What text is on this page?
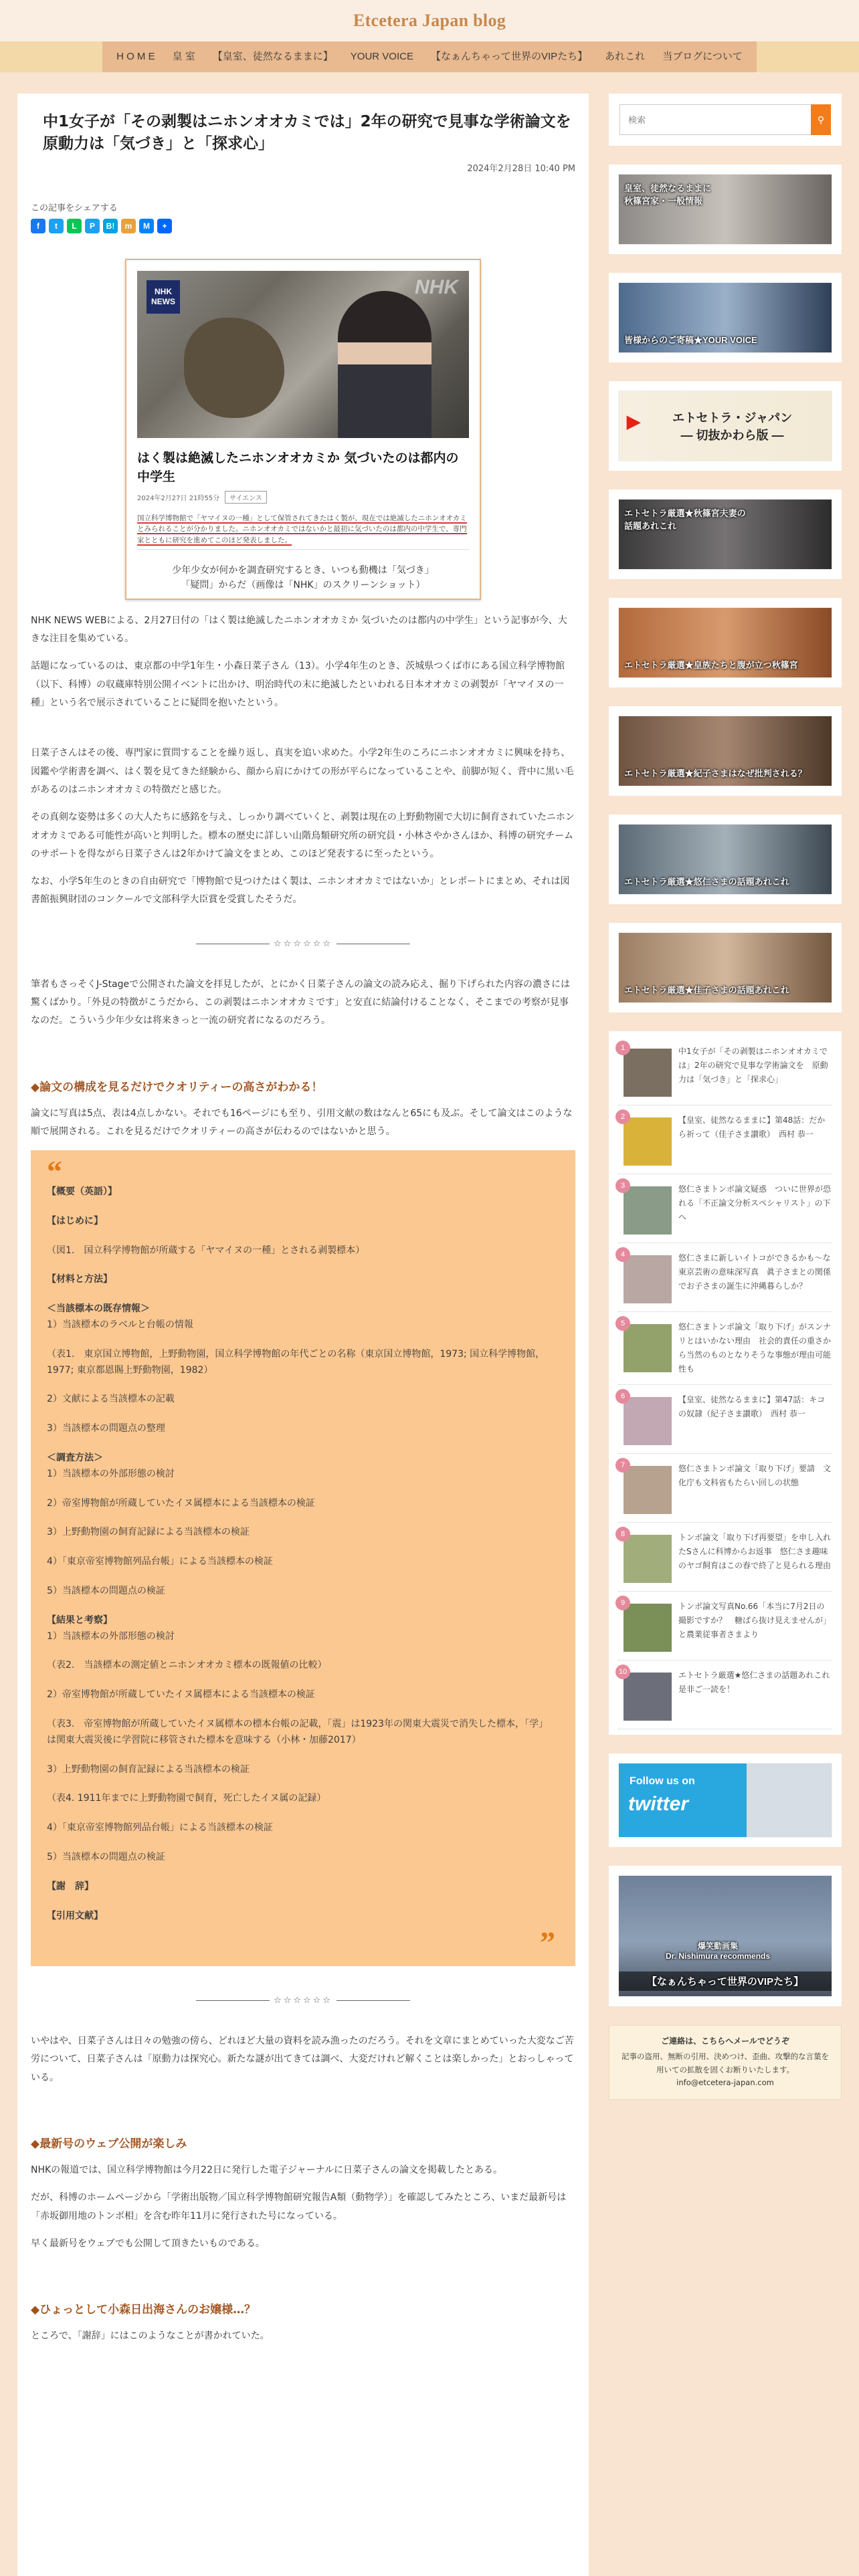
Etcetera Japan blog
H O M E	皇 室	【皇室、徒然なるままに】	YOUR VOICE	【なぁんちゃって世界のVIPたち】	あれこれ	当ブログについて
中1女子が「その剥製はニホンオオカミでは」2年の研究で見事な学術論文を　原動力は「気づき」と「探求心」
2024年2月28日 10:40 PM
この記事をシェアする
f	t	L	P	B!	m	M	+
NHK NEWS
NHK
はく製は絶滅したニホンオオカミか 気づいたのは都内の中学生
2024年2月27日 21時55分	サイエンス
国立科学博物館で「ヤマイヌの一種」として保管されてきたはく製が、現在では絶滅したニホンオオカミとみられることが分かりました。ニホンオオカミではないかと最初に気づいたのは都内の中学生で、専門家とともに研究を進めてこのほど発表しました。
少年少女が何かを調査研究するとき、いつも動機は「気づき」
「疑問」からだ（画像は「NHK」のスクリーンショット）

NHK NEWS WEBによる、2月27日付の「はく製は絶滅したニホンオオカミか 気づいたのは都内の中学生」という記事が今、大きな注目を集めている。

話題になっているのは、東京都の中学1年生・小森日菜子さん（13）。小学4年生のとき、茨城県つくば市にある国立科学博物館（以下、科博）の収蔵庫特別公開イベントに出かけ、明治時代の末に絶滅したといわれる日本オオカミの剥製が「ヤマイヌの一種」という名で展示されていることに疑問を抱いたという。

日菜子さんはその後、専門家に質問することを繰り返し、真実を追い求めた。小学2年生のころにニホンオオカミに興味を持ち、図鑑や学術書を調べ、はく製を見てきた経験から、顔から肩にかけての形が平らになっていることや、前脚が短く、背中に黒い毛があるのはニホンオオカミの特徴だと感じた。

その真剣な姿勢は多くの大人たちに感銘を与え、しっかり調べていくと、剥製は現在の上野動物園で大切に飼育されていたニホンオオカミである可能性が高いと判明した。標本の歴史に詳しい山階鳥類研究所の研究員・小林さやかさんほか、科博の研究チームのサポートを得ながら日菜子さんは2年かけて論文をまとめ、このほど発表するに至ったという。

なお、小学5年生のときの自由研究で「博物館で見つけたはく製は、ニホンオオカミではないか」とレポートにまとめ、それは図書館振興財団のコンクールで文部科学大臣賞を受賞したそうだ。

☆☆☆☆☆☆

筆者もさっそくJ-Stageで公開された論文を拝見したが、とにかく日菜子さんの論文の読み応え、掘り下げられた内容の濃さには驚くばかり。「外見の特徴がこうだから、この剥製はニホンオオカミです」と安直に結論付けることなく、そこまでの考察が見事なのだ。こういう少年少女は将来きっと一流の研究者になるのだろう。

◆論文の構成を見るだけでクオリティーの高さがわかる！

論文に写真は5点、表は4点しかない。それでも16ページにも至り、引用文献の数はなんと65にも及ぶ。そして論文はこのような順で展開される。これを見るだけでクオリティーの高さが伝わるのではないかと思う。

“
【概要（英語）】
【はじめに】
（図1.　国立科学博物館が所蔵する「ヤマイヌの一種」とされる剥製標本）
【材料と方法】
＜当該標本の既存情報＞
1）当該標本のラベルと台帳の情報
（表1.　東京国立博物館，上野動物園，国立科学博物館の年代ごとの名称（東京国立博物館，1973; 国立科学博物館，1977; 東京都恩賜上野動物園，1982）
2）文献による当該標本の記載
3）当該標本の問題点の整理
＜調査方法＞
1）当該標本の外部形態の検討
2）帝室博物館が所蔵していたイヌ属標本による当該標本の検証
3）上野動物園の飼育記録による当該標本の検証
4）「東京帝室博物館列品台帳」による当該標本の検証
5）当該標本の問題点の検証
【結果と考察】
1）当該標本の外部形態の検討
（表2.　当該標本の測定値とニホンオオカミ標本の既報値の比較）
2）帝室博物館が所蔵していたイヌ属標本による当該標本の検証
（表3.　帝室博物館が所蔵していたイヌ属標本の標本台帳の記載，「震」は1923年の関東大震災で消失した標本，「学」は関東大震災後に学習院に移管された標本を意味する（小林・加藤2017）
3）上野動物園の飼育記録による当該標本の検証
（表4. 1911年までに上野動物園で飼育，死亡したイヌ属の記録）
4）「東京帝室博物館列品台帳」による当該標本の検証
5）当該標本の問題点の検証
【謝　辞】
【引用文献】
”
☆☆☆☆☆☆

いやはや、日菜子さんは日々の勉強の傍ら、どれほど大量の資料を読み漁ったのだろう。それを文章にまとめていった大変なご苦労について、日菜子さんは「原動力は探究心。新たな謎が出てきては調べ、大変だけれど解くことは楽しかった」とおっしゃっている。

◆最新号のウェブ公開が楽しみ

NHKの報道では、国立科学博物館は今月22日に発行した電子ジャーナルに日菜子さんの論文を掲載したとある。

だが、科博のホームページから「学術出版物／国立科学博物館研究報告A類（動物学）」を確認してみたところ、いまだ最新号は「赤坂御用地のトンボ相」を含む昨年11月に発行された号になっている。

早く最新号をウェブでも公開して頂きたいものである。

◆ひょっとして小森日出海さんのお嬢様…？

ところで、「謝辞」にはこのようなことが書かれていた。

検索
⚲
皇室、徒然なるままに
秋篠宮家・一般情報
皆様からのご寄稿★YOUR VOICE
▶	エトセトラ・ジャパン
— 切抜かわら版 —
エトセトラ厳選★秋篠宮夫妻の
話題あれこれ
エトセトラ厳選★皇族たちと腹が立つ秋篠宮
エトセトラ厳選★紀子さまはなぜ批判される？
エトセトラ厳選★悠仁さまの話題あれこれ
エトセトラ厳選★佳子さまの話題あれこれ
1	中1女子が「その剥製はニホンオオカミでは」2年の研究で見事な学術論文を　原動力は「気づき」と「探求心」
2	【皇室、徒然なるままに】第48話：だから祈って（佳子さま讃歌）　西村 恭一
3	悠仁さまトンボ論文疑惑　ついに世界が恐れる「不正論文分析スペシャリスト」の下へ
4	悠仁さまに新しいイトコができるかも〜な東京芸術の意味深写真　眞子さまとの関係でお子さまの誕生に沖縄暮らしか？
5	悠仁さまトンボ論文「取り下げ」がスンナリとはいかない理由　社会的責任の重さから当然のものとなりそうな事態が理由可能性も
6	【皇室、徒然なるままに】第47話：キコの奴隷（紀子さま讃歌）　西村 恭一
7	悠仁さまトンボ論文「取り下げ」要請　文化庁も文科省もたらい回しの状態
8	トンボ論文「取り下げ再要望」を申し入れたSさんに科博からお返事　悠仁さま趣味のヤゴ飼育はこの春で終了と見られる理由
9	トンボ論文写真No.66「本当に7月2日の撮影ですか？　糖ばら抜け見えませんが」と農業従事者さまより
10	エトセトラ厳選★悠仁さまの話題あれこれ　是非ご一読を！
Follow us on
twitter
爆笑動画集
Dr. Nishimura recommends
【なぁんちゃって世界のVIPたち】
ご連絡は、こちらへメールでどうぞ
記事の盗用、無断の引用、決めつけ、歪曲、攻撃的な言葉を用いての拡散を固くお断りいたします。
info@etcetera-japan.com
